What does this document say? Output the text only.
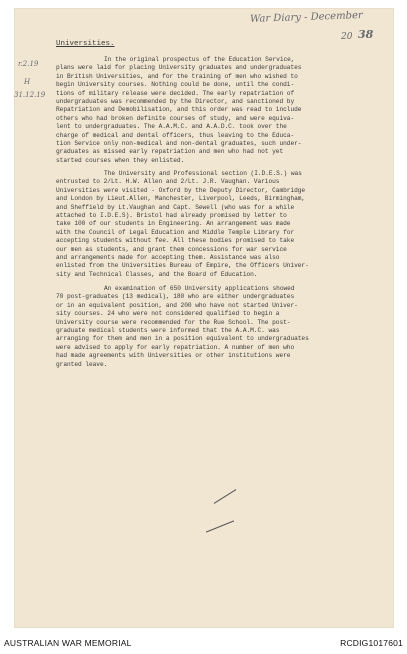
War Diary - December
20 38
r.2.19
H
31.12.19
Universities.
In the original prospectus of the Education Service,
plans were laid for placing University graduates and undergraduates
in British Universities, and for the training of men who wished to
begin University courses. Nothing could be done, until the condi-
tions of military release were decided. The early repatriation of
undergraduates was recommended by the Director, and sanctioned by
Repatriation and Demobilisation, and this order was read to include
others who had broken definite courses of study, and were equiva-
lent to undergraduates. The A.A.M.C. and A.A.D.C. took over the
charge of medical and dental officers, thus leaving to the Educa-
tion Service only non-medical and non-dental graduates, such under-
graduates as missed early repatriation and men who had not yet
started courses when they enlisted.
The University and Professional section (I.D.E.S.) was
entrusted to 2/Lt. H.W. Allen and 2/Lt. J.R. Vaughan. Various
Universities were visited - Oxford by the Deputy Director, Cambridge
and London by Lieut.Allen, Manchester, Liverpool, Leeds, Birmingham,
and Sheffield by Lt.Vaughan and Capt. Sewell (who was for a while
attached to I.D.E.S). Bristol had already promised by letter to
take 100 of our students in Engineering. An arrangement was made
with the Council of Legal Education and Middle Temple Library for
accepting students without fee. All these bodies promised to take
our men as students, and grant them concessions for war service
and arrangements made for accepting them. Assistance was also
enlisted from the Universities Bureau of Empire, the Officers Univer-
sity and Technical Classes, and the Board of Education.
An examination of 650 University applications showed
70 post-graduates (13 medical), 180 who are either undergraduates
or in an equivalent position, and 200 who have not started Univer-
sity courses. 24 who were not considered qualified to begin a
University course were recommended for the Rue School. The post-
graduate medical students were informed that the A.A.M.C. was
arranging for them and men in a position equivalent to undergraduates
were advised to apply for early repatriation. A number of men who
had made agreements with Universities or other institutions were
granted leave.
AUSTRALIAN WAR MEMORIAL	RCDIG1017601
